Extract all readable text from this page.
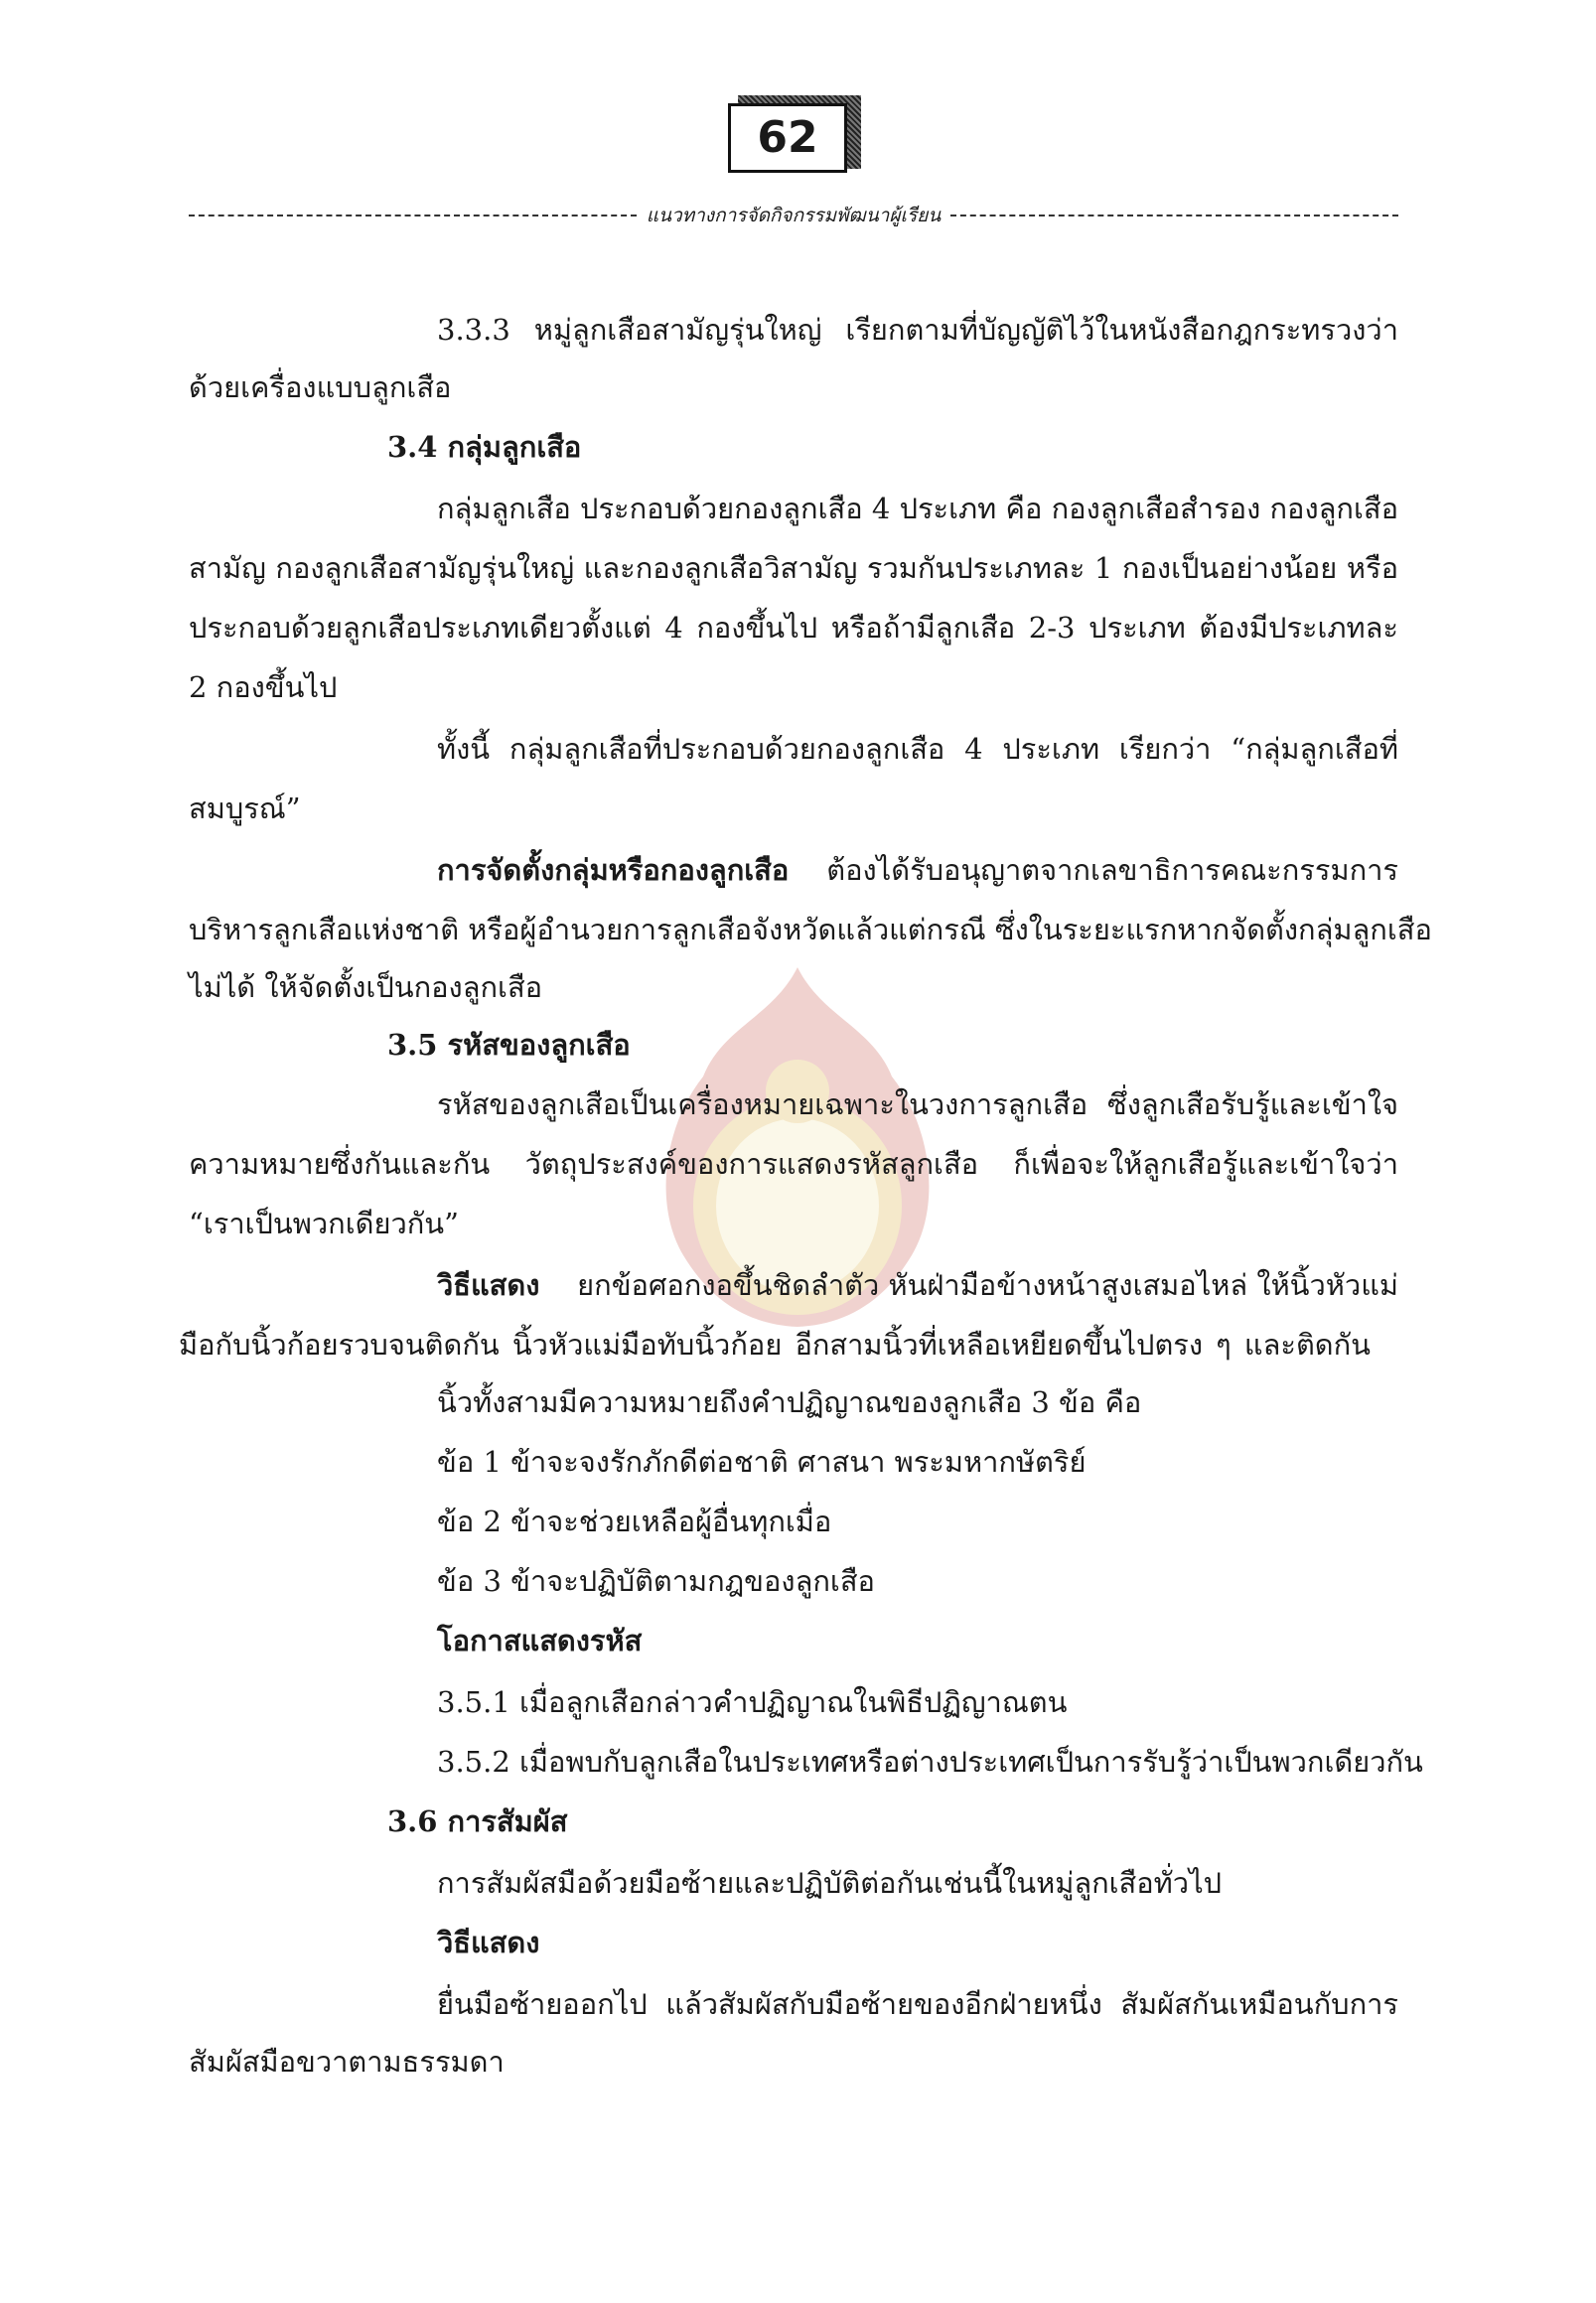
62
แนวทางการจัดกิจกรรมพัฒนาผู้เรียน
3.3.3 หมู่ลูกเสือสามัญรุ่นใหญ่ เรียกตามที่บัญญัติไว้ในหนังสือกฎกระทรวงว่า
ด้วยเครื่องแบบลูกเสือ
3.4 กลุ่มลูกเสือ
กลุ่มลูกเสือ ประกอบด้วยกองลูกเสือ 4 ประเภท คือ กองลูกเสือสำรอง กองลูกเสือ
สามัญ กองลูกเสือสามัญรุ่นใหญ่ และกองลูกเสือวิสามัญ รวมกันประเภทละ 1 กองเป็นอย่างน้อย หรือ
ประกอบด้วยลูกเสือประเภทเดียวตั้งแต่ 4 กองขึ้นไป หรือถ้ามีลูกเสือ 2-3 ประเภท ต้องมีประเภทละ
2 กองขึ้นไป
ทั้งนี้ กลุ่มลูกเสือที่ประกอบด้วยกองลูกเสือ 4 ประเภท เรียกว่า “กลุ่มลูกเสือที่
สมบูรณ์”
การจัดตั้งกลุ่มหรือกองลูกเสือ ต้องได้รับอนุญาตจากเลขาธิการคณะกรรมการ
บริหารลูกเสือแห่งชาติ หรือผู้อำนวยการลูกเสือจังหวัดแล้วแต่กรณี ซึ่งในระยะแรกหากจัดตั้งกลุ่มลูกเสือ
ไม่ได้ ให้จัดตั้งเป็นกองลูกเสือ
3.5 รหัสของลูกเสือ
รหัสของลูกเสือเป็นเครื่องหมายเฉพาะในวงการลูกเสือ ซึ่งลูกเสือรับรู้และเข้าใจ
ความหมายซึ่งกันและกัน วัตถุประสงค์ของการแสดงรหัสลูกเสือ ก็เพื่อจะให้ลูกเสือรู้และเข้าใจว่า
“เราเป็นพวกเดียวกัน”
วิธีแสดง ยกข้อศอกงอขึ้นชิดลำตัว หันฝ่ามือข้างหน้าสูงเสมอไหล่ ให้นิ้วหัวแม่
มือกับนิ้วก้อยรวบจนติดกัน นิ้วหัวแม่มือทับนิ้วก้อย อีกสามนิ้วที่เหลือเหยียดขึ้นไปตรง ๆ และติดกัน
นิ้วทั้งสามมีความหมายถึงคำปฏิญาณของลูกเสือ 3 ข้อ คือ
ข้อ 1 ข้าจะจงรักภักดีต่อชาติ ศาสนา พระมหากษัตริย์
ข้อ 2 ข้าจะช่วยเหลือผู้อื่นทุกเมื่อ
ข้อ 3 ข้าจะปฏิบัติตามกฎของลูกเสือ
โอกาสแสดงรหัส
3.5.1 เมื่อลูกเสือกล่าวคำปฏิญาณในพิธีปฏิญาณตน
3.5.2 เมื่อพบกับลูกเสือในประเทศหรือต่างประเทศเป็นการรับรู้ว่าเป็นพวกเดียวกัน
3.6 การสัมผัส
การสัมผัสมือด้วยมือซ้ายและปฏิบัติต่อกันเช่นนี้ในหมู่ลูกเสือทั่วไป
วิธีแสดง
ยื่นมือซ้ายออกไป แล้วสัมผัสกับมือซ้ายของอีกฝ่ายหนึ่ง สัมผัสกันเหมือนกับการ
สัมผัสมือขวาตามธรรมดา
